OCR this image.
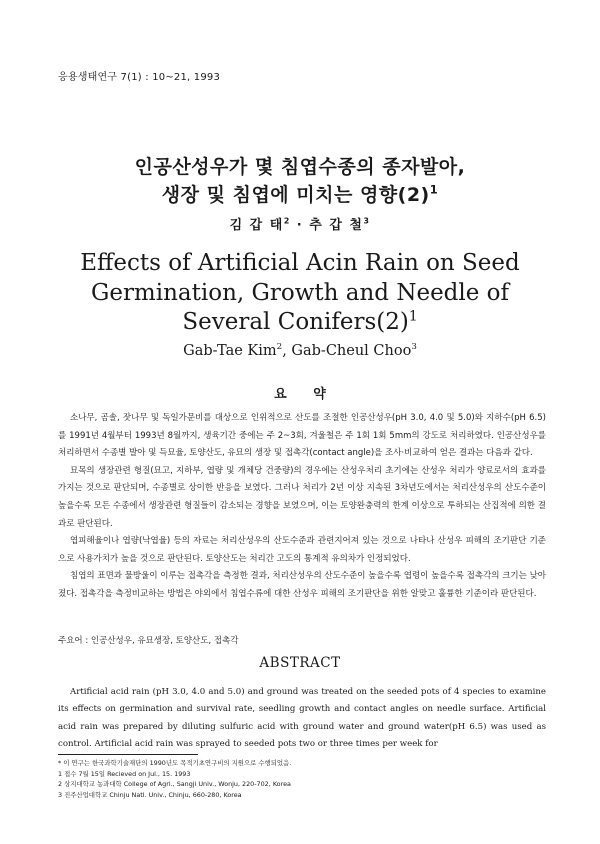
응용생태연구 7(1) : 10~21, 1993
인공산성우가 몇 침엽수종의 종자발아,
생장 및 침엽에 미치는 영향$(2)^1$
김 갑 태$^2$ · 추 갑 철$^3$
Effects of Artificial Acin Rain on Seed
Germination, Growth and Needle of
Several $Conifers(2)^1$
Gab-Tae Kim$^2$, Gab-Cheul Choo$^3$
요 약

소나무, 곰솔, 잣나무 및 독일가문비를 대상으로 인위적으로 산도를 조절한 인공산성우(pH 3.0, 4.0 및 5.0)와 지하수(pH 6.5)를 1991년 4월부터 1993년 8월까지, 생육기간 중에는 주 2~3회, 겨울철은 주 1회 1회 5mm의 강도로 처리하였다. 인공산성우를 처리하면서 수종별 발아 및 득묘율, 토양산도, 유묘의 생장 및 접촉각(contact angle)을 조사·비교하여 얻은 결과는 다음과 같다.

묘목의 생장관련 형질(묘고, 지하부, 엽량 및 개체당 건중량)의 경우에는 산성우처리 초기에는 산성우 처리가 양료로서의 효과를 가지는 것으로 판단되며, 수종별로 상이한 반응을 보였다. 그러나 처리가 2년 이상 지속된 3차년도에서는 처리산성우의 산도수준이 높을수록 모든 수종에서 생장관련 형질들이 감소되는 경향을 보였으며, 이는 토양완충력의 한계 이상으로 투하되는 산집적에 의한 결과로 판단된다.

엽피해율이나 엽량(낙엽율) 등의 자료는 처리산성우의 산도수준과 관련지어져 있는 것으로 나타나 산성우 피해의 조기판단 기준으로 사용가치가 높을 것으로 판단된다. 토양산도는 처리간 고도의 통계적 유의차가 인정되었다.

침엽의 표면과 물방울이 이루는 접촉각을 측정한 결과, 처리산성우의 산도수준이 높을수록 엽령이 높을수록 접촉각의 크기는 낮아졌다. 접촉각을 측정비교하는 방법은 야외에서 침엽수류에 대한 산성우 피해의 조기판단을 위한 알맞고 훌륭한 기준이라 판단된다.

주요어 : 인공산성우, 유묘생장, 토양산도, 접촉각
ABSTRACT

Artificial acid rain (pH 3.0, 4.0 and 5.0) and ground was treated on the seeded pots of 4 species to examine its effects on germination and survival rate, seedling growth and contact angles on needle surface. Artificial acid rain was prepared by diluting sulfuric acid with ground water and ground water(pH 6.5) was used as control. Artificial acid rain was sprayed to seeded pots two or three times per week for

* 이 연구는 한국과학기술재단의 1990년도 목적기초연구비의 지원으로 수행되었음.
1 접수 7월 15일 Recieved on Jul., 15. 1993
2 상지대학교 농과대학 College of Agri., Sangji Univ., Wonju, 220-702, Korea
3 진주산업대학교 Chinju Natl. Univ., Chinju, 660-280, Korea
